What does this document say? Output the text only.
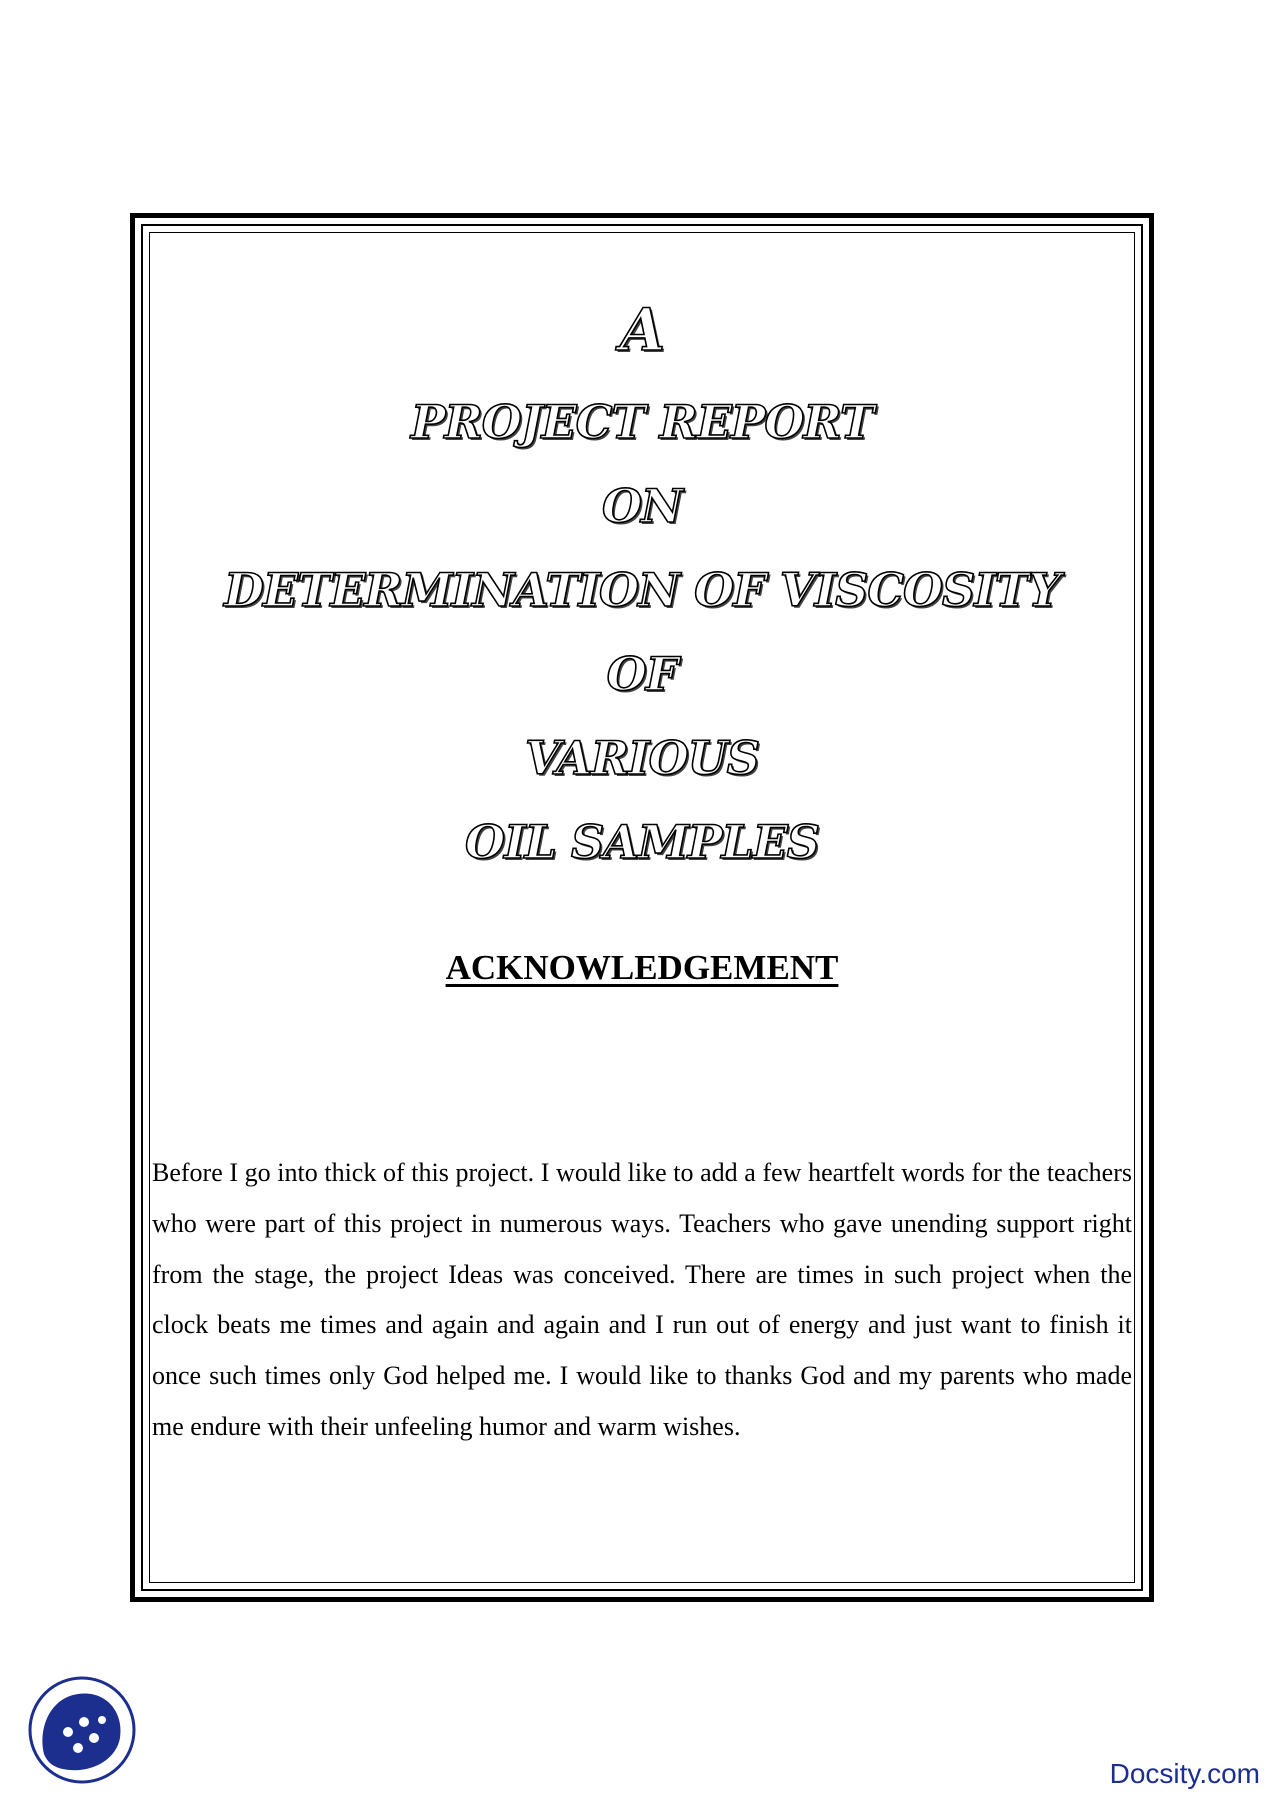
A

PROJECT REPORT

ON

DETERMINATION OF VISCOSITY

OF

VARIOUS

OIL SAMPLES

ACKNOWLEDGEMENT

Before I go into thick of this project. I would like to add a few heartfelt words for the teachers who were part of this project in numerous ways. Teachers who gave unending support right from the stage, the project Ideas was conceived. There are times in such project when the clock beats me times and again and again and I run out of energy and just want to finish it once such times only God helped me. I would like to thanks God and my parents who made me endure with their unfeeling humor and warm wishes.

Docsity.com
